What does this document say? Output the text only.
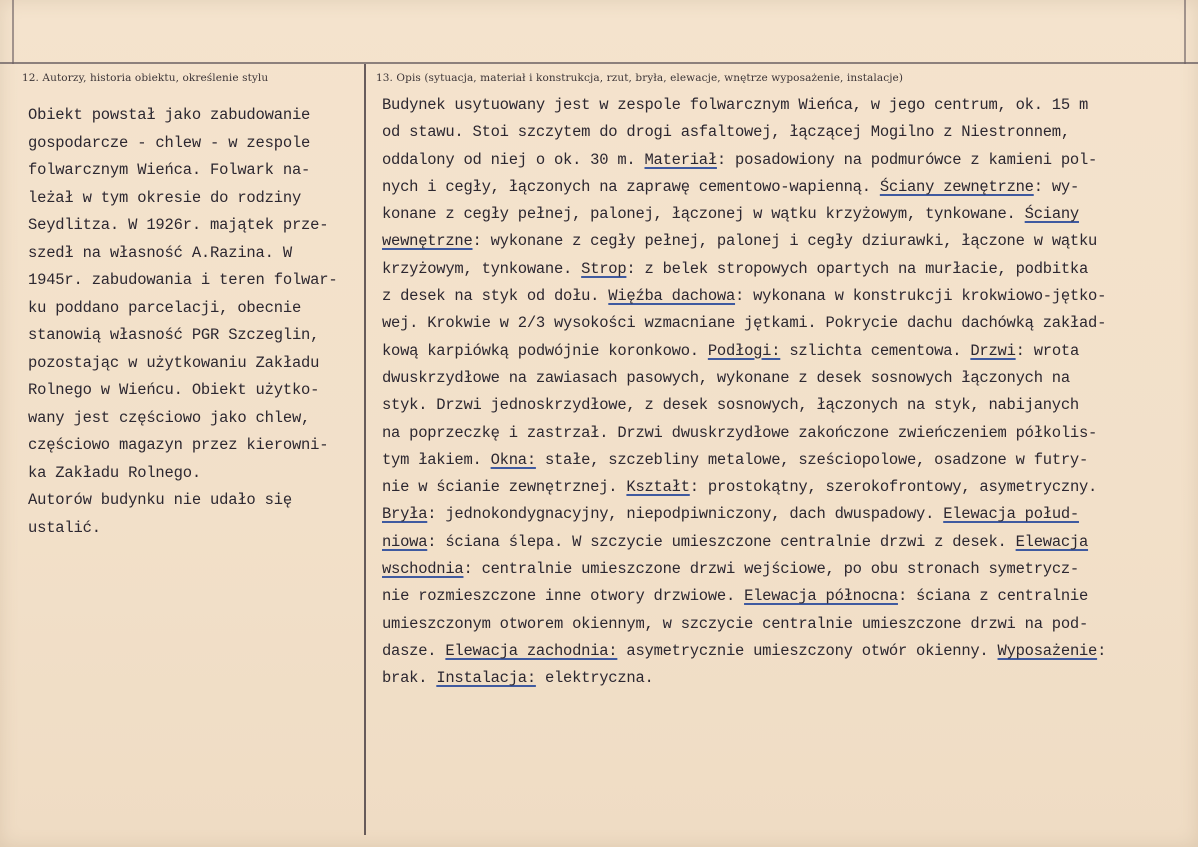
12. Autorzy, historia obiektu, określenie stylu	13. Opis (sytuacja, materiał i konstrukcja, rzut, bryła, elewacje, wnętrze wyposażenie, instalacje)
Obiekt powstał jako zabudowanie
gospodarcze - chlew - w zespole
folwarcznym Wieńca. Folwark na-
leżał w tym okresie do rodziny
Seydlitza. W 1926r. majątek prze-
szedł na własność A.Razina. W
1945r. zabudowania i teren folwar-
ku poddano parcelacji, obecnie
stanowią własność PGR Szczeglin,
pozostając w użytkowaniu Zakładu
Rolnego w Wieńcu. Obiekt użytko-
wany jest częściowo jako chlew,
częściowo magazyn przez kierowni-
ka Zakładu Rolnego.
Autorów budynku nie udało się
ustalić.
Budynek usytuowany jest w zespole folwarcznym Wieńca, w jego centrum, ok. 15 m
od stawu. Stoi szczytem do drogi asfaltowej, łączącej Mogilno z Niestronnem,
oddalony od niej o ok. 30 m. Materiał: posadowiony na podmurówce z kamieni pol-
nych i cegły, łączonych na zaprawę cementowo-wapienną. Ściany zewnętrzne: wy-
konane z cegły pełnej, palonej, łączonej w wątku krzyżowym, tynkowane. Ściany
wewnętrzne: wykonane z cegły pełnej, palonej i cegły dziurawki, łączone w wątku
krzyżowym, tynkowane. Strop: z belek stropowych opartych na murłacie, podbitka
z desek na styk od dołu. Więźba dachowa: wykonana w konstrukcji krokwiowo-jętko-
wej. Krokwie w 2/3 wysokości wzmacniane jętkami. Pokrycie dachu dachówką zakład-
kową karpiówką podwójnie koronkowo. Podłogi: szlichta cementowa. Drzwi: wrota
dwuskrzydłowe na zawiasach pasowych, wykonane z desek sosnowych łączonych na
styk. Drzwi jednoskrzydłowe, z desek sosnowych, łączonych na styk, nabijanych
na poprzeczkę i zastrzał. Drzwi dwuskrzydłowe zakończone zwieńczeniem półkolis-
tym łakiem. Okna: stałe, szczebliny metalowe, sześciopolowe, osadzone w futry-
nie w ścianie zewnętrznej. Kształt: prostokątny, szerokofrontowy, asymetryczny.
Bryła: jednokondygnacyjny, niepodpiwniczony, dach dwuspadowy. Elewacja połud-
niowa: ściana ślepa. W szczycie umieszczone centralnie drzwi z desek. Elewacja
wschodnia: centralnie umieszczone drzwi wejściowe, po obu stronach symetrycz-
nie rozmieszczone inne otwory drzwiowe. Elewacja północna: ściana z centralnie
umieszczonym otworem okiennym, w szczycie centralnie umieszczone drzwi na pod-
dasze. Elewacja zachodnia: asymetrycznie umieszczony otwór okienny. Wyposażenie:
brak. Instalacja: elektryczna.
